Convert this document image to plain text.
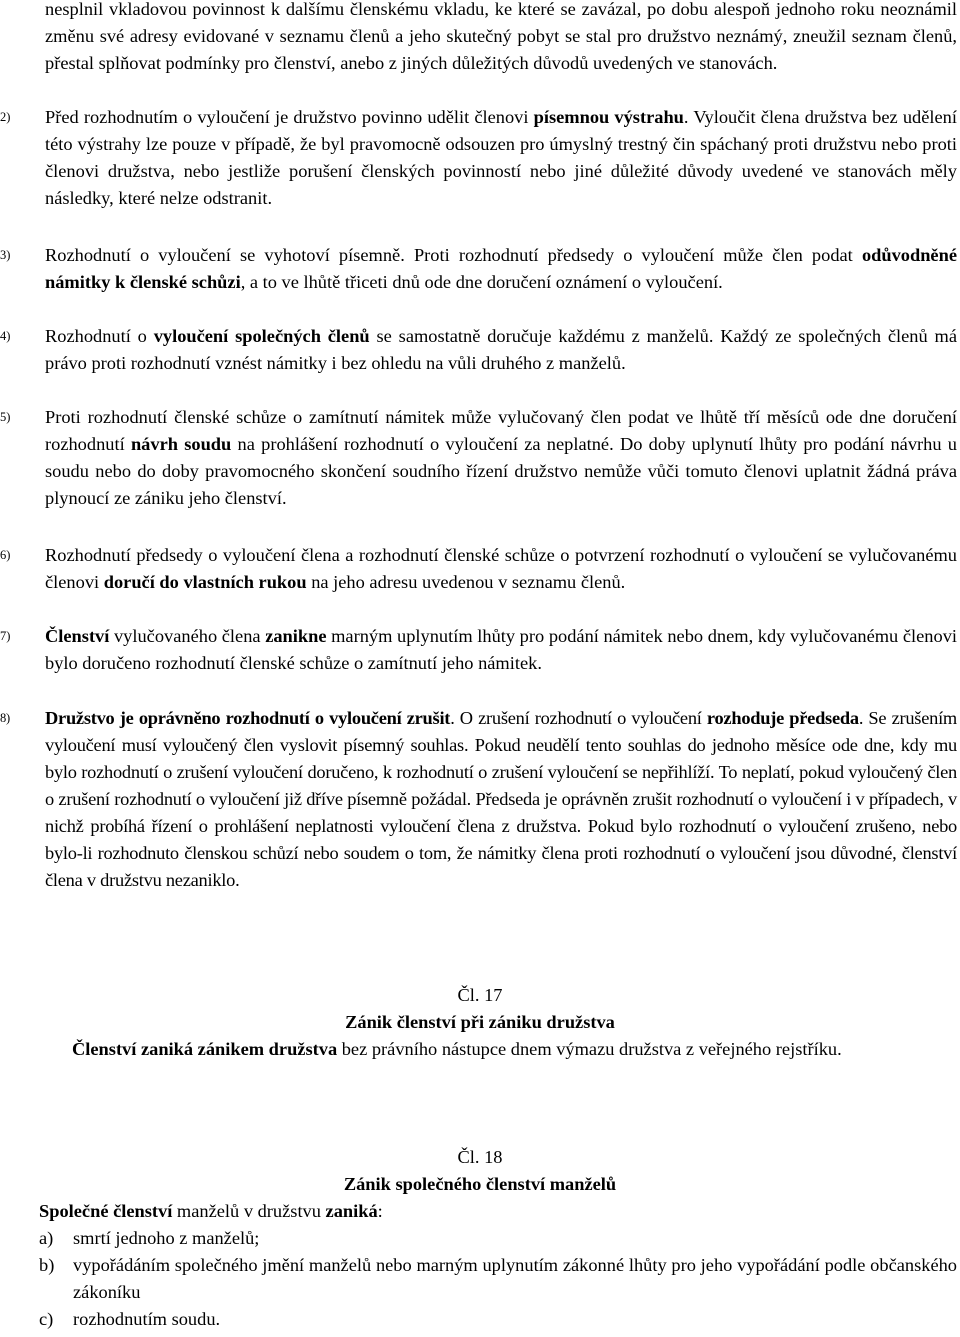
nesplnil vkladovou povinnost k dalšímu členskému vkladu, ke které se zavázal, po dobu alespoň jednoho roku neoznámil změnu své adresy evidované v seznamu členů a jeho skutečný pobyt se stal pro družstvo neznámý, zneužil seznam členů, přestal splňovat podmínky pro členství, anebo z jiných důležitých důvodů uvedených ve stanovách.

2)	Před rozhodnutím o vyloučení je družstvo povinno udělit členovi písemnou výstrahu. Vyloučit člena družstva bez udělení této výstrahy lze pouze v případě, že byl pravomocně odsouzen pro úmyslný trestný čin spáchaný proti družstvu nebo proti členovi družstva, nebo jestliže porušení členských povinností nebo jiné důležité důvody uvedené ve stanovách měly následky, které nelze odstranit.

3)	Rozhodnutí o vyloučení se vyhotoví písemně. Proti rozhodnutí předsedy o vyloučení může člen podat odůvodněné námitky k členské schůzi, a to ve lhůtě třiceti dnů ode dne doručení oznámení o vyloučení.

4)	Rozhodnutí o vyloučení společných členů se samostatně doručuje každému z manželů. Každý ze společných členů má právo proti rozhodnutí vznést námitky i bez ohledu na vůli druhého z manželů.

5)	Proti rozhodnutí členské schůze o zamítnutí námitek může vylučovaný člen podat ve lhůtě tří měsíců ode dne doručení rozhodnutí návrh soudu na prohlášení rozhodnutí o vyloučení za neplatné. Do doby uplynutí lhůty pro podání návrhu u soudu nebo do doby pravomocného skončení soudního řízení družstvo nemůže vůči tomuto členovi uplatnit žádná práva plynoucí ze zániku jeho členství.

6)	Rozhodnutí předsedy o vyloučení člena a rozhodnutí členské schůze o potvrzení rozhodnutí o vyloučení se vylučovanému členovi doručí do vlastních rukou na jeho adresu uvedenou v seznamu členů.

7)	Členství vylučovaného člena zanikne marným uplynutím lhůty pro podání námitek nebo dnem, kdy vylučovanému členovi bylo doručeno rozhodnutí členské schůze o zamítnutí jeho námitek.

8)	Družstvo je oprávněno rozhodnutí o vyloučení zrušit. O zrušení rozhodnutí o vyloučení rozhoduje předseda. Se zrušením vyloučení musí vyloučený člen vyslovit písemný souhlas. Pokud neudělí tento souhlas do jednoho měsíce ode dne, kdy mu bylo rozhodnutí o zrušení vyloučení doručeno, k rozhodnutí o zrušení vyloučení se nepřihlíží. To neplatí, pokud vyloučený člen o zrušení rozhodnutí o vyloučení již dříve písemně požádal. Předseda je oprávněn zrušit rozhodnutí o vyloučení i v případech, v nichž probíhá řízení o prohlášení neplatnosti vyloučení člena z družstva. Pokud bylo rozhodnutí o vyloučení zrušeno, nebo bylo-li rozhodnuto členskou schůzí nebo soudem o tom, že námitky člena proti rozhodnutí o vyloučení jsou důvodné, členství člena v družstvu nezaniklo.

Čl. 17

Zánik členství při zániku družstva

Členství zaniká zánikem družstva bez právního nástupce dnem výmazu družstva z veřejného rejstříku.

Čl. 18

Zánik společného členství manželů

Společné členství manželů v družstvu zaniká:

a)	smrtí jednoho z manželů;

b)	vypořádáním společného jmění manželů nebo marným uplynutím zákonné lhůty pro jeho vypořádání podle občanského zákoníku

c)	rozhodnutím soudu.
